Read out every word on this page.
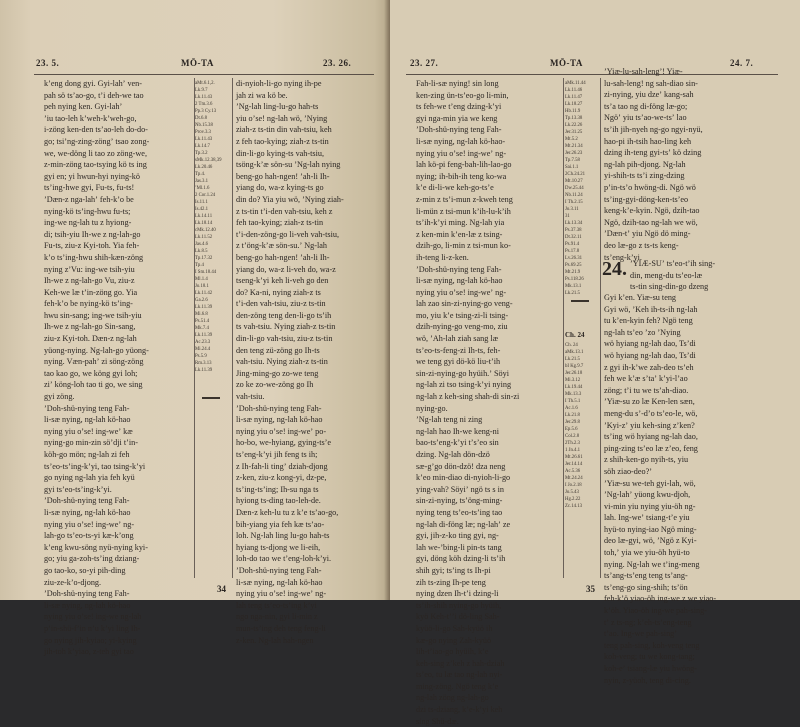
23. 5.	MŌ-TA	23. 26.
kʼeng dong gyi. Gyi-lahʼ ven-
pah sö tsʼao-go, tʼi deh-we tao
peh nying ken. Gyi-lahʼ
ʼiu tao-leh kʼweh-kʼweh-go,
i-zöng ken-den tsʼao-leh do-do-
go; tsiʼng-zing-zöngʼ tsao zong-
we, we-döng li tao zo zöng-we,
z-min-zöng tao-tsying kö ts ing
gyi en; yi hwun-hyi nying-kö
tsʼing-hwe gyi, Fu-ts, fu-ts!
ʼDæn-z nga-lahʼ feh-kʼo be
nying-kö tsʼing-hwu fu-ts;
ing-we ng-lah tu z hyiong-
di; tsih-yiu Ih-we z ng-lah-go
Fu-ts, ziu-z Kyi-toh. Yia feh-
kʼo tsʼing-hwu shih-kæn-zöng
nying zʼVu: ing-we tsih-yiu
Ih-we z ng-lah-go Vu, ziu-z
Keh-we læ tʼin-zöng go. Yia
feh-kʼo be nying-kö tsʼing-
hwu sin-sang; ing-we tsih-yiu
Ih-we z ng-lah-go Sin-sang,
ziu-z Kyi-toh. Dæn-z ng-lah
yüong-nying. Ng-lah-go yüong-
nying. Væn-pahʼ zi söng-zöng
tao kao go, we köng gyi loh;
ziʼ köng-loh tao ti go, we sing
gyi zöng.
ʼDoh-shü-nying teng Fah-
li-sæ nying, ng-lah kö-hao
nying yiu oʼse! ing-weʼ kæ
nying-go min-zin söʼdji tʼin-
köh-go mön; ng-lah zi feh
tsʼeo-tsʼing-kʼyi, tao tsing-kʼyi
go nying ng-lah yia feh kyü
gyi tsʼeo-tsʼing-kʼyi.
ʼDoh-shü-nying teng Fah-
li-sæ nying, ng-lah kö-hao
nying yiu oʼse! ing-weʼ ng-
lah-go tsʼeo-ts-yi kæ-kʼong
kʼeng kwu-söng nyü-nying kyi-
go; yiu ga-zoh-tsʼing dziang-
go tao-ko, so-yi pih-ding
ziu-ze-kʼo-djong.
ʼDoh-shü-nying teng Fah-
li-sæ nying, ng-lah kö-hao
nying yiu oʼse! ing-we ng-lah
pʼin-shü-fʼin nʼu kʼyi ling Ih-
go nying jih-kyiao; yi-kying
jih-toh kʼyiao, z-teh gyi tao
aMt.6.1,2.
Lk.9.7
Lk.11.43
2 Tm.3.6
Pp.3 Cy.13
Dt.6.8
Nb.15.38
Prov.3.3
Lk.11.43
Lk.14.7
Tp.3.2
sMk.12.38,39
Lk.20.46
Tp.4.
Jas.3.1
ʼMl.1.6
2 Cor.1.24
Is.11.1
Is.42.1
Lk.14.11
Lk.18.14
cMk.12.40
Lk.11.52
Jas.4.6
Lk.8.5
Tp.17.32
Tp.4
I Sm.18.44
Ml.1.4
Jo.18.1
Lk.11.42
Ga.2.6
Lk.11.39
Mi.6.8
Ps.51.4
Mk.7.4
Lk.11.39
Ac.23.3
Mi.24.4
Ps.5.9
Rm.3.13
Lk.11.39
di-nyioh-li-go nying ih-pe
jah zi wa kö be.
ʼNg-lah ling-lu-go hah-ts
yiu oʼse! ng-lah wö, ʼNying
ziah-z ts-tin din vah-tsiu, keh
z feh tao-kying; ziah-z ts-tin
din-li-go kying-ts vah-tsiu,
tsöng-kʼæ sön-su ʼNg-lah nying
beng-go hah-ngen! ʼah-li Ih-
yiang do, wa-z kying-ts go
din do? Yia yiu wö, ʼNying ziah-
z ts-tin tʼi-den vah-tsiu, keh z
feh tao-kying; ziah-z ts-tin
tʼi-den-zöng-go li-veh vah-tsiu,
z tʼöng-kʼæ sön-su.ʼ Ng-lah
beng-go hah-ngen! ʼah-li Ih-
yiang do, wa-z li-veh do, wa-z
tseng-kʼyi keh li-veh go den
do? Ka-ni, nying ziah-z ts
tʼi-den vah-tsiu, ziu-z ts-tin
den-zöng teng den-li-go tsʼih
ts vah-tsiu. Nying ziah-z ts-tin
din-li-go vah-tsiu, ziu-z ts-tin
den teng zü-zöng go Ih-ts
vah-tsiu. Nying ziah-z ts-tin
Jing-ming-go zo-we teng
zo ke zo-we-zöng go Ih
vah-tsiu.
ʼDoh-shü-nying teng Fah-
li-sæ nying, ng-lah kö-hao
nying yiu oʼse! ing-weʼ po-
ho-bo, we-hyiang, gying-tsʼe
tsʼeng-kʼyi jih feng ts ih;
z Ih-fah-li tingʼ dziah-djong
z-ken, ziu-z kong-yi, dz-pe,
tsʼing-tsʼing; Ih-su nga ts
hyiong ts-ding tao-leh-de.
Dæn-z keh-lu tu z kʼe tsʼao-go,
bih-yiang yia feh kæ tsʼao-
loh. Ng-lah ling lu-go hah-ts
hyiang ts-djong we li-eih,
loh-do tao we tʼeng-loh-kʼyi.
ʼDoh-shü-nying teng Fah-
li-sæ nying, ng-lah kö-hao
nying yiu oʼse! ing-weʼ ng-
lah teng tsʼeo-tsʼing kʼyi
ngo nga-nin, gyi li-min z
mun-tsʼing deh teng feng-li
z-ken. Ng-lah hah-ngen
34
23. 27.	MŌ-TA	24. 7.
Fah-li-sæ nying! sin long
ken-zing ün-tsʼeo-go li-min,
ts feh-we tʼeng dzing-kʼyi
gyi nga-min yia we keng
ʼDoh-shü-nying teng Fah-
li-sæ nying, ng-lah kö-hao-
nying yiu oʼse! ing-weʼ ng-
lah kö-pi feng-bah-lih-lao-go
nying; ih-bih-ih teng ko-wa
kʼe di-li-we keh-go-tsʼe
z-min z tsʼi-mun z-kweh teng
li-mün z tsi-mun kʼih-lu-kʼih
tsʼih-kʼyi ming. Ng-lah yia
z ken-min kʼen-læ z tsing-
dzih-go, li-min z tsi-mun ko-
ih-teng li-z-ken.
ʼDoh-shü-nying teng Fah-
li-sæ nying, ng-lah kö-hao
nying yiu oʼse! ing-weʼ ng-
lah zao sin-zi-nying-go veng-
mo, yiu kʼe tsing-zi-li tsing-
dzih-nying-go veng-mo, ziu
wö, ʼAh-lah ziah sang læ
tsʼeo-ts-feng-zi Ih-ts, feh-
we teng gyi dö-kö liu-tʼih
sin-zi-nying-go hyüih.ʼ Söyi
ng-lah zi tso tsing-kʼyi nying
ng-lah z keh-sing shah-di sin-zi
nying-go.
ʼNg-lah teng ni zing
ng-lah hao Ih-we keng-ni
bao-tsʼeng-kʼyi tʼsʼeo sin
dzing. Ng-lah dön-dzö
sæ-gʼgo dön-dzö! dza neng
kʼeo min-diao di-nyioh-li-go
ying-vah? Söyiʼ ngö ts s in
sin-zi-nying, tsʼöng-ming-
nying teng tsʼeo-tsʼing tao
ng-lah di-föng læ; ng-lahʼ ze
gyi, jih-z-ko ting gyi, ng-
lah we-ʼbing-li pin-ts tang
gyi, döng köh dzing-li tsʼih
shih gyi; tsʼing ts Ih-pi
zih ts-zing Ih-pe teng
nying dzen Ih-tʼi dzing-li
tsʼih-shih nying-go hyüih,
kyö Keh-tʼʼi dö-ling Sah-
kyüö-li-go Sah-kyüö ih
kæ-go nying Zah-kyüö
lih-tʼiao-go hyüih, kʼe
keh-sing zʼkeh z hah-dziah
tsʼeo, tu læ tao ng-lah nyi-
ming-zöng. Ngö teng kʼe
ng-lah zöng ng-lah-go
dzi ts-dziang, kʼe-kʼyi keh
sing Shü-dæ.
aMk.11.44
Lk.11.46
Lk.11.47
Lk.18.27
Hb.11.9
Tp.13.38
Lk.22.26
Jer.31.25
Mt.5.2
Mt.21.34
Jer.26.23
Tp.7.58
Sai.1.1
2Ch.24.21
Mt.10.27
Dw.25.44
Nb.11.24
I Th.2.15
Jo.3.11
31
Lk.13.34
Ps.37.38
Dt.32.11
Ps.91.4
Ps.17.8
Lv.26.31
Ps.69.25
Mt.21.9
Ps.118.26
Mk.13.1
Lk.21.5
Ch. 24
Ch. 24
aMk.13.1
Lk.21.5
bI Kg.9.7
Jer.26.18
Mi.3.12
Lk.19.44
Mk.13.3
I Th.5.1
Ac.1.6
Lk.21.8
Jer.29.8
Ep.5.6
Col.2.8
2Th.2.3
1 Jn.4.1
Mt.26.61
Jer.14.14
Ac.5.36
Mt.24.24
I Jo.2.18
Jo.5.43
Hg.2.22
Zc.14.13
ʼYiæ-lu-sah-lengʼ! Yiæ-
lu-sah-leng! ng sah-diao sin-
zi-nying, yiu dzeʼ kang-sah
tsʼa tao ng di-föng læ-go;
Ngöʼ yiu tsʼao-we-tsʼ lao
tsʼih jih-nyeh ng-go ngyi-nyü,
hao-pi ih-tsih hao-ling keh
dzing ih-teng gyi-tsʼ kö dzing
ng-lah pih-djong. Ng-lah
yi-shih-ts tsʼi zing-dzing
pʼin-tsʼo hwöng-di. Ngö wö
tsʼing-gyi-döng-ken-tsʼeo
keng-kʼe-kyin. Ngö, dzih-tao
Ngö, dzih-tao ng-lah we wö,
ʼDæn-tʼ yiu Ngö dö ming-
deo læ-go z ts-ts keng-
tsʼeng-kʼyi.
24. ʼYIÆ-SUʼ tsʼeo-tʼih sing-
din, meng-du tsʼeo-læ
ts-tin sing-din-go dzeng
Gyi kʼen. Yiæ-su teng
Gyi wö, ʼKeh ih-ts-ih ng-lah
tu kʼen-kyin feh? Ngö teng
ng-lah tsʼeo ʼzo ʼNying
wö hyiang ng-lah dao, Tsʼdi
wö hyiang ng-lah dao, Tsʼdi
z gyi ih-kʼwe zah-deo tsʼeh
feh we kʼæ sʼtaʼ kʼyi-lʼao
zöng; tʼi tu we tsʼah-diao.
ʼYiæ-su zo læ Ken-len sæn,
meng-du sʼ-dʼo tsʼeo-le, wö,
ʼKyi-zʼ yiu keh-sing zʼken?
tsʼing wö hyiang ng-lah dao,
ping-zing tsʼeo læ zʼeo, feng
z shih-ken-go nyih-ts, yiu
söh ziao-deo?ʼ
ʼYiæ-su we-teh gyi-lah, wö,
ʼNg-lahʼ yüong kwu-djoh,
vi-min yiu nying yiu-öh ng-
lah. Ing-weʼ tsiang-tʼe yiu
hyü-to nying-iao Ngö ming-
deo læ-gyi, wö, ʼNgö z Kyi-
toh,ʼ yia we yiu-öh hyü-to
nying. Ng-lah we tʼing-meng
tsʼang-tsʼeng teng tsʼang-
tsʼeng-go sing-shih; tsʼön
feh-kʼö yiao-öh ing-we z we yiao-
kʼöh. Yiao-öh ing-we pah-sing-
tʼ z ts-ng; kʼeh-tsʼeng-teng
tʼao. Ing-we pah-singʼ
teng pah-sing, koh-veng teng
koh-veng; tu we kong-tang;
koh-eʼ tsiang-læ yiu hwöng-
nyin, z-yüoh, teng di-cing.
35
